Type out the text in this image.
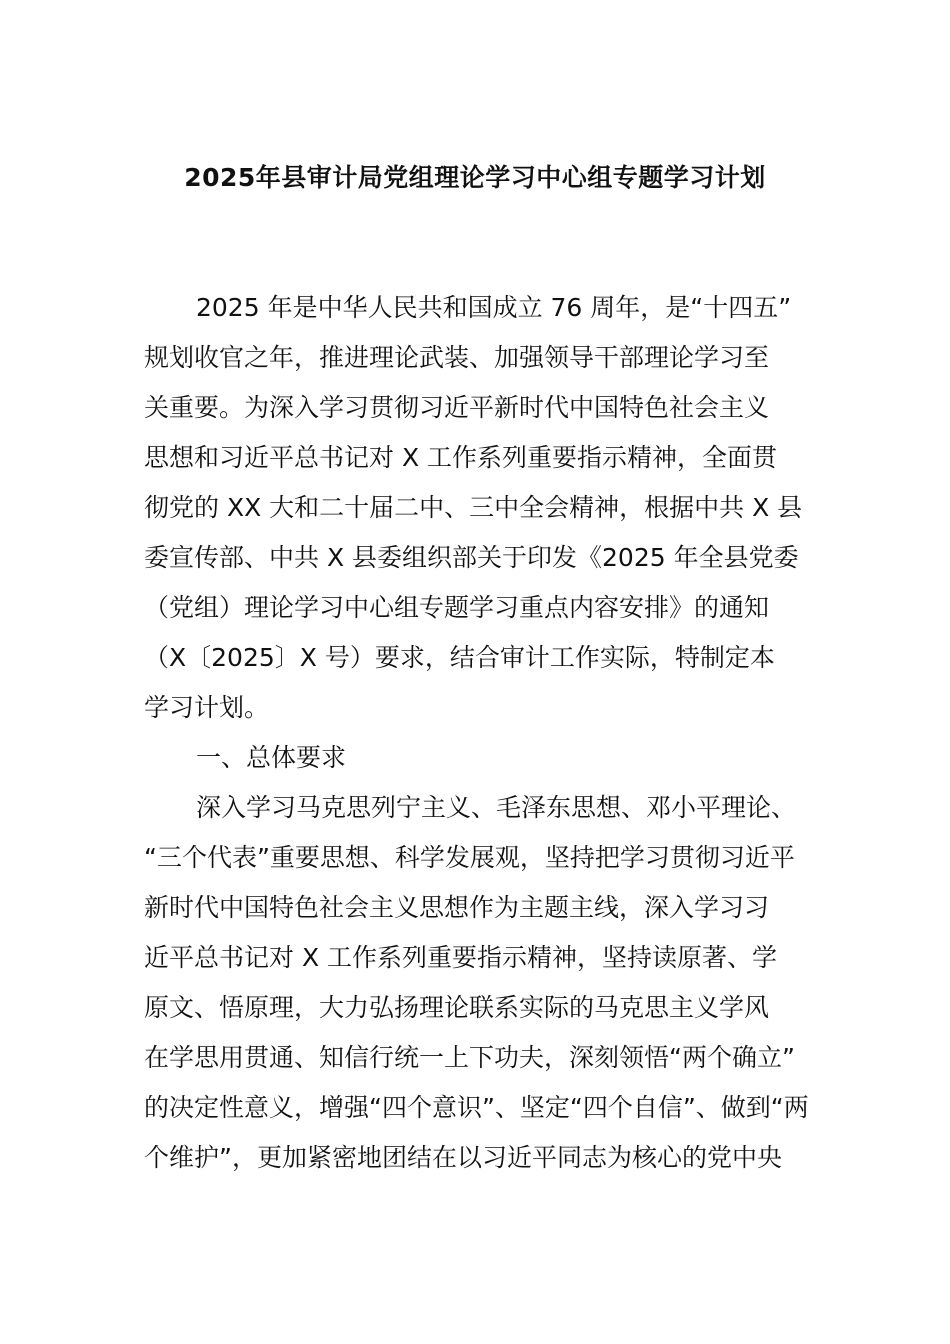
2025年县审计局党组理论学习中心组专题学习计划
2025 年是中华人民共和国成立 76 周年，是“十四五”
规划收官之年，推进理论武装、加强领导干部理论学习至
关重要。为深入学习贯彻习近平新时代中国特色社会主义
思想和习近平总书记对 X 工作系列重要指示精神，全面贯
彻党的 XX 大和二十届二中、三中全会精神，根据中共 X 县
委宣传部、中共 X 县委组织部关于印发《2025 年全县党委
（党组）理论学习中心组专题学习重点内容安排》的通知
（X〔2025〕X 号）要求，结合审计工作实际，特制定本
学习计划。
一、总体要求
深入学习马克思列宁主义、毛泽东思想、邓小平理论、
“三个代表”重要思想、科学发展观，坚持把学习贯彻习近平
新时代中国特色社会主义思想作为主题主线，深入学习习
近平总书记对 X 工作系列重要指示精神，坚持读原著、学
原文、悟原理，大力弘扬理论联系实际的马克思主义学风
在学思用贯通、知信行统一上下功夫，深刻领悟“两个确立”
的决定性意义，增强“四个意识”、坚定“四个自信”、做到“两
个维护”，更加紧密地团结在以习近平同志为核心的党中央
